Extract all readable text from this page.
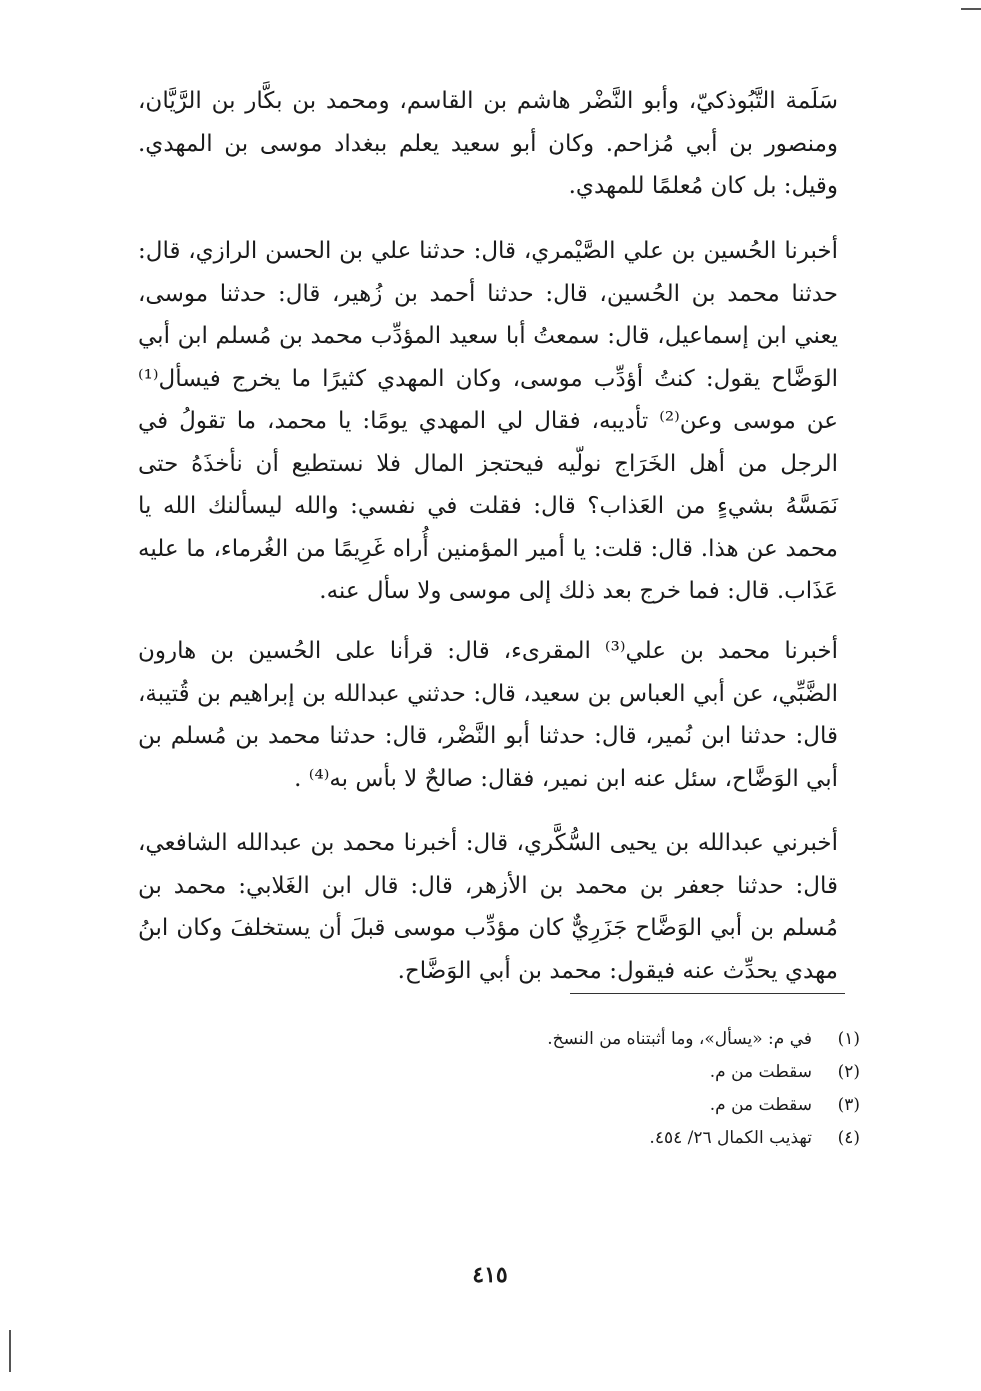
سَلَمة التَّبُوذكيّ، وأبو النَّضْر هاشم بن القاسم، ومحمد بن بكَّار بن الرَّيَّان، ومنصور بن أبي مُزاحم. وكان أبو سعيد يعلم ببغداد موسى بن المهدي. وقيل: بل كان مُعلمًا للمهدي.

أخبرنا الحُسين بن علي الصَّيْمري، قال: حدثنا علي بن الحسن الرازي، قال: حدثنا محمد بن الحُسين، قال: حدثنا أحمد بن زُهير، قال: حدثنا موسى، يعني ابن إسماعيل، قال: سمعتُ أبا سعيد المؤدِّب محمد بن مُسلم ابن أبي الوَضَّاح يقول: كنتُ أؤدِّب موسى، وكان المهدي كثيرًا ما يخرج فيسأل⁽¹⁾ عن موسى وعن⁽²⁾ تأديبه، فقال لي المهدي يومًا: يا محمد، ما تقولُ في الرجل من أهل الخَرَاج نولّيه فيحتجز المال فلا نستطيع أن نأخذَهُ حتى نَمَسَّهُ بشيءٍ من العَذاب؟ قال: فقلت في نفسي: والله ليسألنك الله يا محمد عن هذا. قال: قلت: يا أمير المؤمنين أُراه غَرِيمًا من الغُرماء، ما عليه عَذَاب. قال: فما خرج بعد ذلك إلى موسى ولا سأل عنه.

أخبرنا محمد بن علي⁽³⁾ المقرىء، قال: قرأنا على الحُسين بن هارون الضَّبِّي، عن أبي العباس بن سعيد، قال: حدثني عبدالله بن إبراهيم بن قُتيبة، قال: حدثنا ابن نُمير، قال: حدثنا أبو النَّضْر، قال: حدثنا محمد بن مُسلم بن أبي الوَضَّاح، سئل عنه ابن نمير، فقال: صالحٌ لا بأس به⁽⁴⁾ .

أخبرني عبدالله بن يحيى السُّكَّري، قال: أخبرنا محمد بن عبدالله الشافعي، قال: حدثنا جعفر بن محمد بن الأزهر، قال: قال ابن الغَلابي: محمد بن مُسلم بن أبي الوَضَّاح جَزَرِيٌّ كان مؤدِّب موسى قبلَ أن يستخلفَ وكان ابنُ مهدي يحدِّث عنه فيقول: محمد بن أبي الوَضَّاح.

(١)في م: «يسأل»، وما أثبتناه من النسخ.
(٢)سقطت من م.
(٣)سقطت من م.
(٤)تهذيب الكمال ٢٦/ ٤٥٤.
٤١٥
